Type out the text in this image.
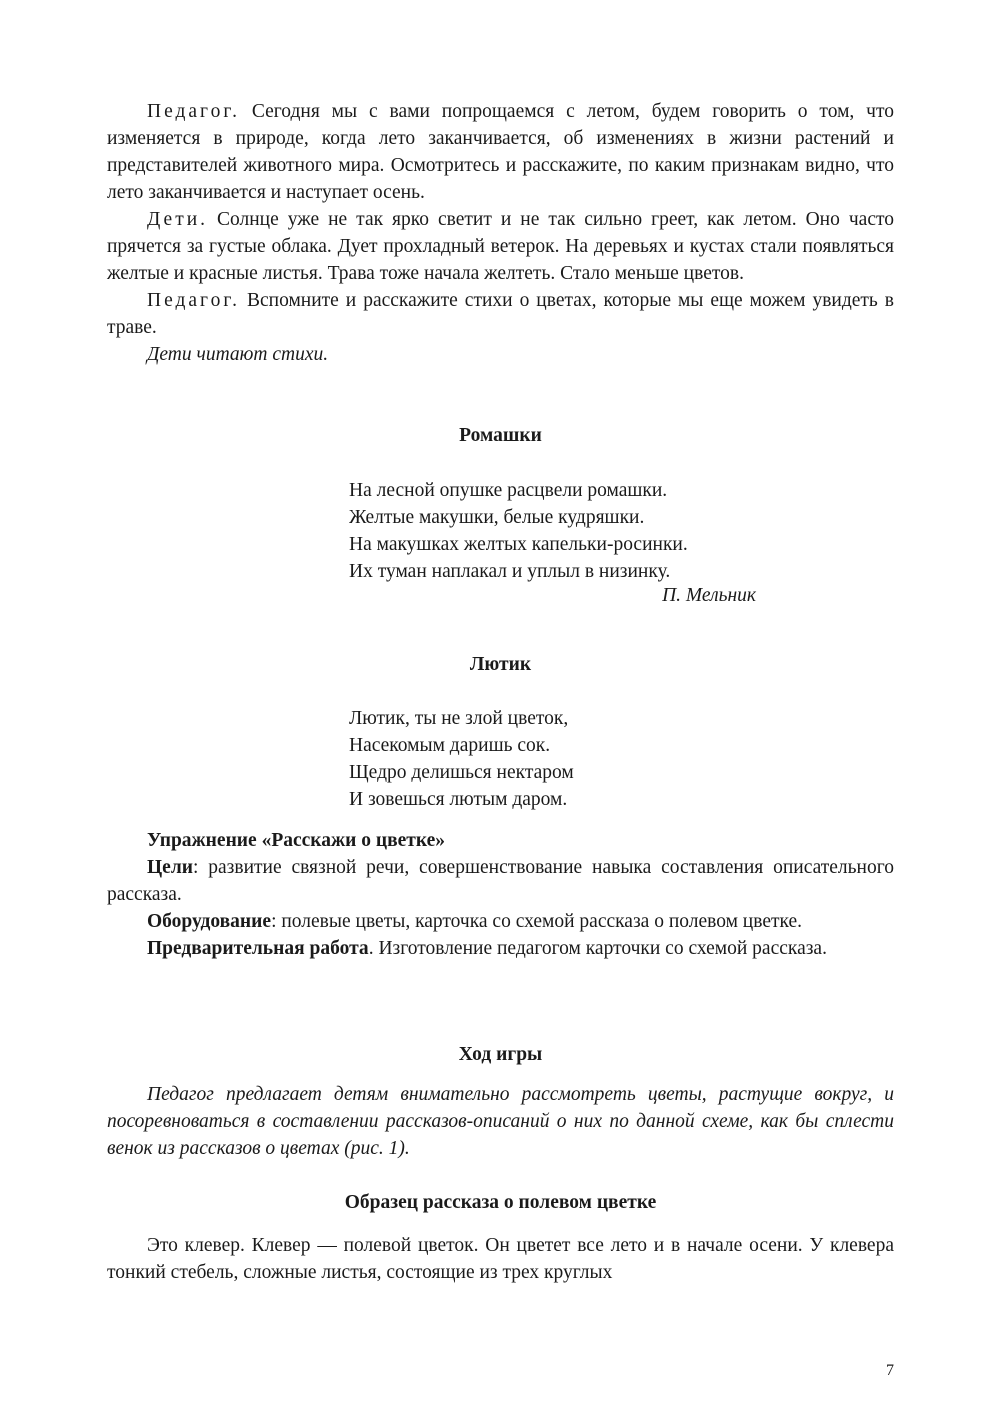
Педагог. Сегодня мы с вами попрощаемся с летом, будем говорить о том, что изменяется в природе, когда лето заканчивается, об изменениях в жизни растений и представителей животного мира. Осмотритесь и расскажите, по каким признакам видно, что лето заканчивается и наступает осень.

Дети. Солнце уже не так ярко светит и не так сильно греет, как летом. Оно часто прячется за густые облака. Дует прохладный ветерок. На деревьях и кустах стали появляться желтые и красные листья. Трава тоже начала желтеть. Стало меньше цветов.

Педагог. Вспомните и расскажите стихи о цветах, которые мы еще можем увидеть в траве.

Дети читают стихи.

Ромашки

На лесной опушке расцвели ромашки.
Желтые макушки, белые кудряшки.
На макушках желтых капельки-росинки.
Их туман наплакал и уплыл в низинку.
П. Мельник

Лютик

Лютик, ты не злой цветок,
Насекомым даришь сок.
Щедро делишься нектаром
И зовешься лютым даром.

Упражнение «Расскажи о цветке»

Цели: развитие связной речи, совершенствование навыка составления описательного рассказа.

Оборудование: полевые цветы, карточка со схемой рассказа о полевом цветке.

Предварительная работа. Изготовление педагогом карточки со схемой рассказа.

Ход игры

Педагог предлагает детям внимательно рассмотреть цветы, растущие вокруг, и посоревноваться в составлении рассказов-описаний о них по данной схеме, как бы сплести венок из рассказов о цветах (рис. 1).

Образец рассказа о полевом цветке

Это клевер. Клевер — полевой цветок. Он цветет все лето и в начале осени. У клевера тонкий стебель, сложные листья, состоящие из трех круглых

7
